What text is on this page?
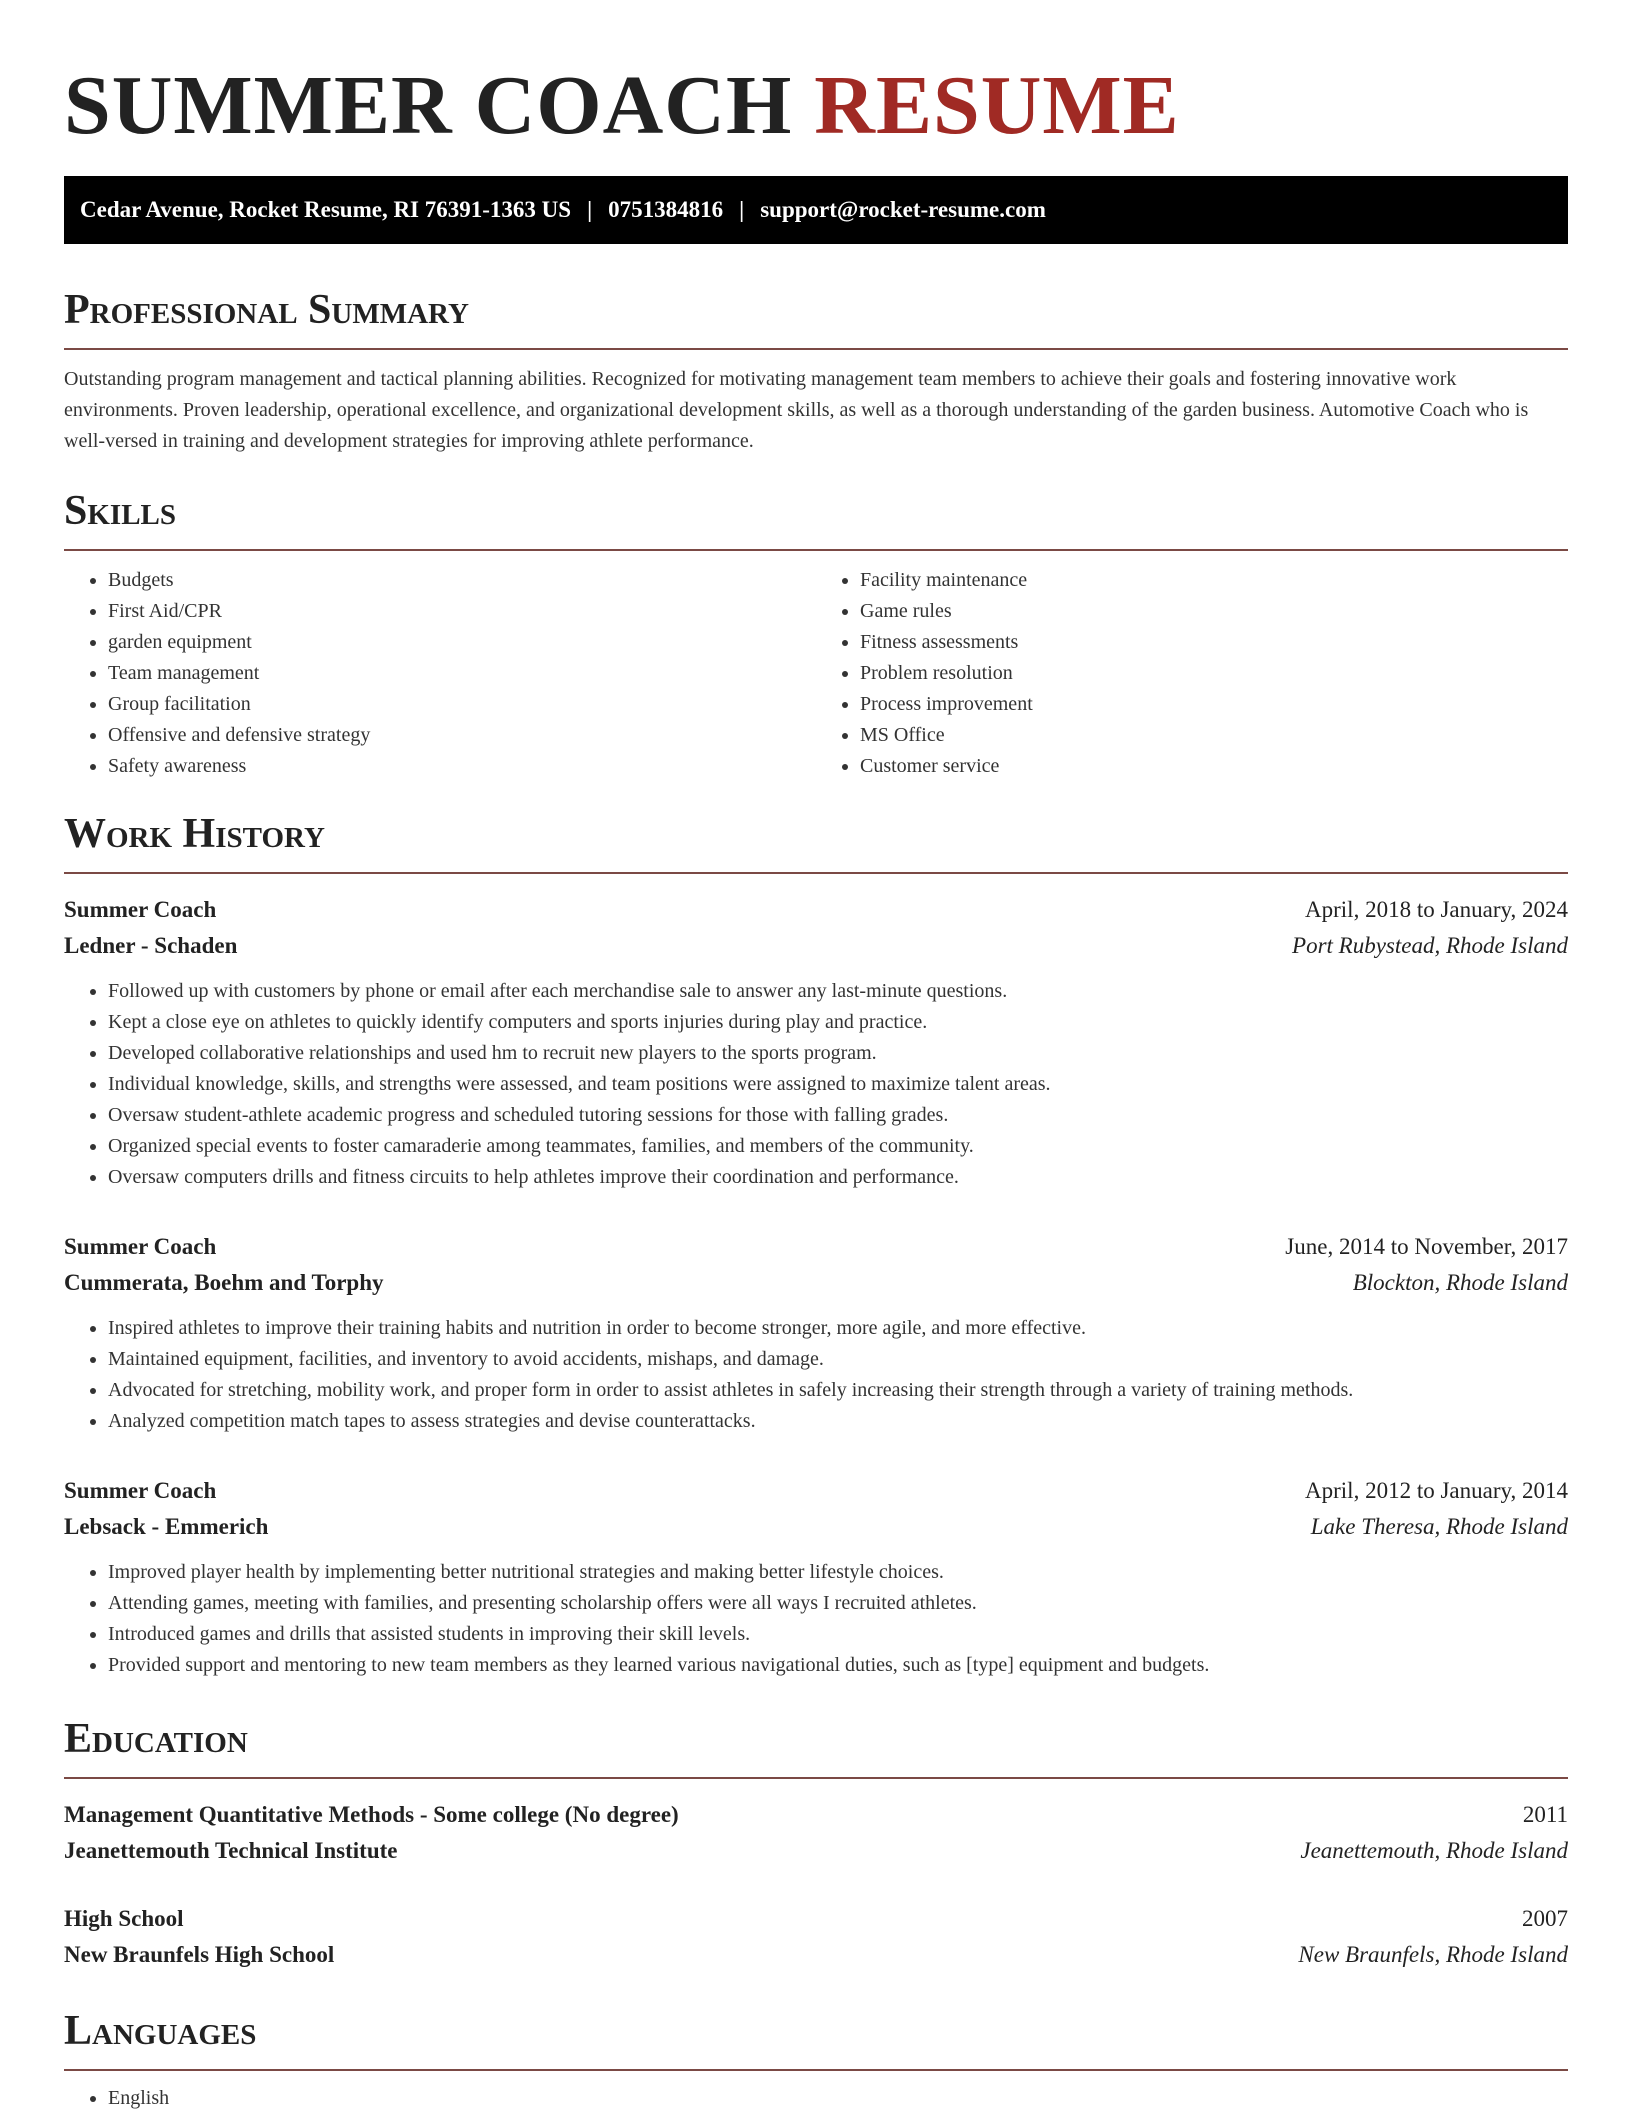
SUMMER COACH RESUME
Cedar Avenue, Rocket Resume, RI 76391-1363 US | 0751384816 | support@rocket-resume.com
Professional Summary

Outstanding program management and tactical planning abilities. Recognized for motivating management team members to achieve their goals and fostering innovative work environments. Proven leadership, operational excellence, and organizational development skills, as well as a thorough understanding of the garden business. Automotive Coach who is well-versed in training and development strategies for improving athlete performance.

Skills
• Budgets
• First Aid/CPR
• garden equipment
• Team management
• Group facilitation
• Offensive and defensive strategy
• Safety awareness
• Facility maintenance
• Game rules
• Fitness assessments
• Problem resolution
• Process improvement
• MS Office
• Customer service
Work History
Summer Coach	April, 2018 to January, 2024
Ledner - Schaden	Port Rubystead, Rhode Island
• Followed up with customers by phone or email after each merchandise sale to answer any last-minute questions.
• Kept a close eye on athletes to quickly identify computers and sports injuries during play and practice.
• Developed collaborative relationships and used hm to recruit new players to the sports program.
• Individual knowledge, skills, and strengths were assessed, and team positions were assigned to maximize talent areas.
• Oversaw student-athlete academic progress and scheduled tutoring sessions for those with falling grades.
• Organized special events to foster camaraderie among teammates, families, and members of the community.
• Oversaw computers drills and fitness circuits to help athletes improve their coordination and performance.
Summer Coach	June, 2014 to November, 2017
Cummerata, Boehm and Torphy	Blockton, Rhode Island
• Inspired athletes to improve their training habits and nutrition in order to become stronger, more agile, and more effective.
• Maintained equipment, facilities, and inventory to avoid accidents, mishaps, and damage.
• Advocated for stretching, mobility work, and proper form in order to assist athletes in safely increasing their strength through a variety of training methods.
• Analyzed competition match tapes to assess strategies and devise counterattacks.
Summer Coach	April, 2012 to January, 2014
Lebsack - Emmerich	Lake Theresa, Rhode Island
• Improved player health by implementing better nutritional strategies and making better lifestyle choices.
• Attending games, meeting with families, and presenting scholarship offers were all ways I recruited athletes.
• Introduced games and drills that assisted students in improving their skill levels.
• Provided support and mentoring to new team members as they learned various navigational duties, such as [type] equipment and budgets.
Education
Management Quantitative Methods - Some college (No degree)	2011
Jeanettemouth Technical Institute	Jeanettemouth, Rhode Island
High School	2007
New Braunfels High School	New Braunfels, Rhode Island
Languages
• English
